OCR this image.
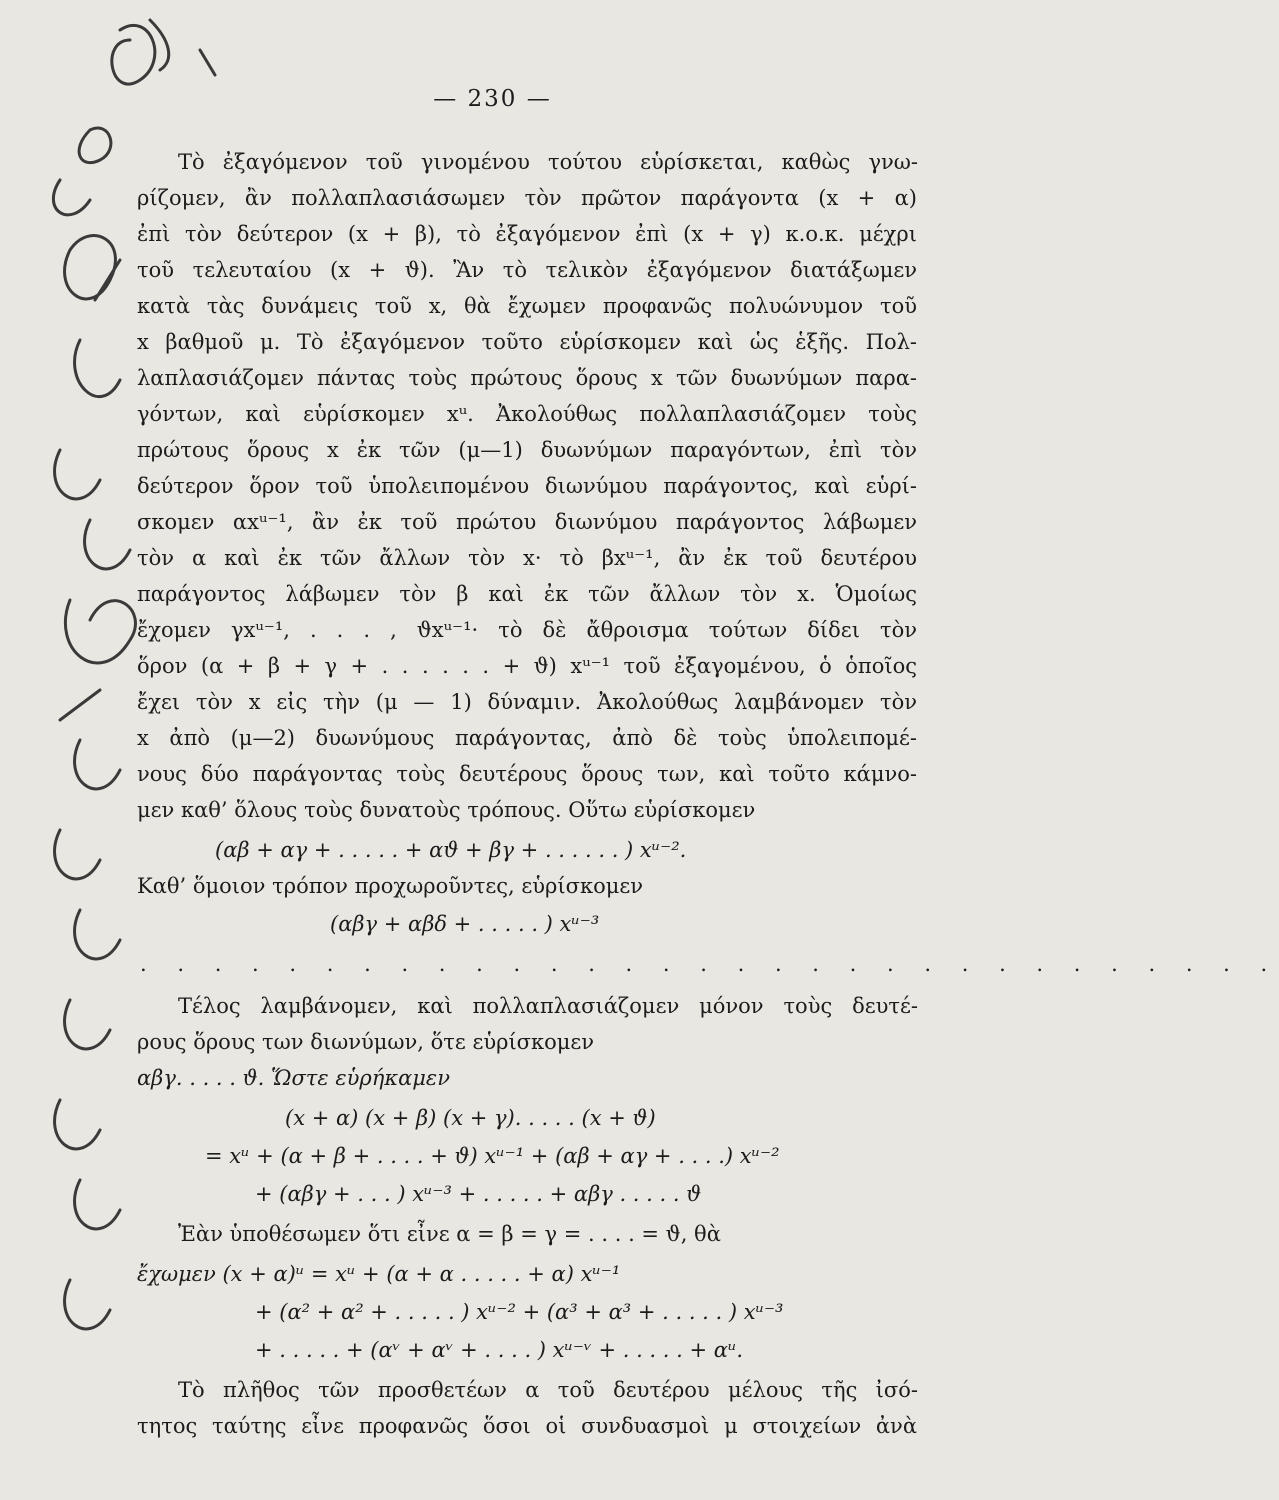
— 230 —
Τὸ ἐξαγόμενον τοῦ γινομένου τούτου εὑρίσκεται, καθὼς γνω-
ρίζομεν, ἂν πολλαπλασιάσωμεν τὸν πρῶτον παράγοντα (x + α)
ἐπὶ τὸν δεύτερον (x + β), τὸ ἐξαγόμενον ἐπὶ (x + γ) κ.ο.κ. μέχρι
τοῦ τελευταίου (x + ϑ). Ἂν τὸ τελικὸν ἐξαγόμενον διατάξωμεν
κατὰ τὰς δυνάμεις τοῦ x, θὰ ἔχωμεν προφανῶς πολυώνυμον τοῦ
x βαθμοῦ μ. Τὸ ἐξαγόμενον τοῦτο εὑρίσκομεν καὶ ὡς ἑξῆς. Πολ-
λαπλασιάζομεν πάντας τοὺς πρώτους ὅρους x τῶν δυωνύμων παρα-
γόντων, καὶ εὑρίσκομεν xᵘ. Ἀκολούθως πολλαπλασιάζομεν τοὺς
πρώτους ὅρους x ἐκ τῶν (μ—1) δυωνύμων παραγόντων, ἐπὶ τὸν
δεύτερον ὅρον τοῦ ὑπολειπομένου διωνύμου παράγοντος, καὶ εὑρί-
σκομεν αxᵘ⁻¹, ἂν ἐκ τοῦ πρώτου διωνύμου παράγοντος λάβωμεν
τὸν α καὶ ἐκ τῶν ἄλλων τὸν x· τὸ βxᵘ⁻¹, ἂν ἐκ τοῦ δευτέρου
παράγοντος λάβωμεν τὸν β καὶ ἐκ τῶν ἄλλων τὸν x. Ὁμοίως
ἔχομεν γxᵘ⁻¹, . . . , ϑxᵘ⁻¹· τὸ δὲ ἄθροισμα τούτων δίδει τὸν
ὅρον (α + β + γ + . . . . . . + ϑ) xᵘ⁻¹ τοῦ ἐξαγομένου, ὁ ὁποῖος
ἔχει τὸν x εἰς τὴν (μ — 1) δύναμιν. Ἀκολούθως λαμβάνομεν τὸν
x ἀπὸ (μ—2) δυωνύμους παράγοντας, ἀπὸ δὲ τοὺς ὑπολειπομέ-
νους δύο παράγοντας τοὺς δευτέρους ὅρους των, καὶ τοῦτο κάμνο-
μεν καθ’ ὅλους τοὺς δυνατοὺς τρόπους. Οὕτω εὑρίσκομεν
(αβ + αγ + . . . . . + αϑ + βγ + . . . . . . ) xᵘ⁻².
Καθ’ ὅμοιον τρόπον προχωροῦντες, εὑρίσκομεν
(αβγ + αβδ + . . . . . ) xᵘ⁻³
. . . . . . . . . . . . . . . . . . . . . . . . . . . . . . .
Τέλος λαμβάνομεν, καὶ πολλαπλασιάζομεν μόνον τοὺς δευτέ-
ρους ὅρους των διωνύμων, ὅτε εὑρίσκομεν
αβγ. . . . . ϑ. Ὥστε εὑρήκαμεν
(x + α) (x + β) (x + γ). . . . . (x + ϑ)
= xᵘ + (α + β + . . . . + ϑ) xᵘ⁻¹ + (αβ + αγ + . . . .) xᵘ⁻²
+ (αβγ + . . . ) xᵘ⁻³ + . . . . . + αβγ . . . . . ϑ
Ἐὰν ὑποθέσωμεν ὅτι εἶνε α = β = γ = . . . . = ϑ, θὰ
ἔχωμεν (x + α)ᵘ = xᵘ + (α + α . . . . . + α) xᵘ⁻¹
+ (α² + α² + . . . . . ) xᵘ⁻² + (α³ + α³ + . . . . . ) xᵘ⁻³
+ . . . . . + (αᵛ + αᵛ + . . . . ) xᵘ⁻ᵛ + . . . . . + αᵘ.
Τὸ πλῆθος τῶν προσθετέων α τοῦ δευτέρου μέλους τῆς ἰσό-
τητος ταύτης εἶνε προφανῶς ὅσοι οἱ συνδυασμοὶ μ στοιχείων ἀνὰ
